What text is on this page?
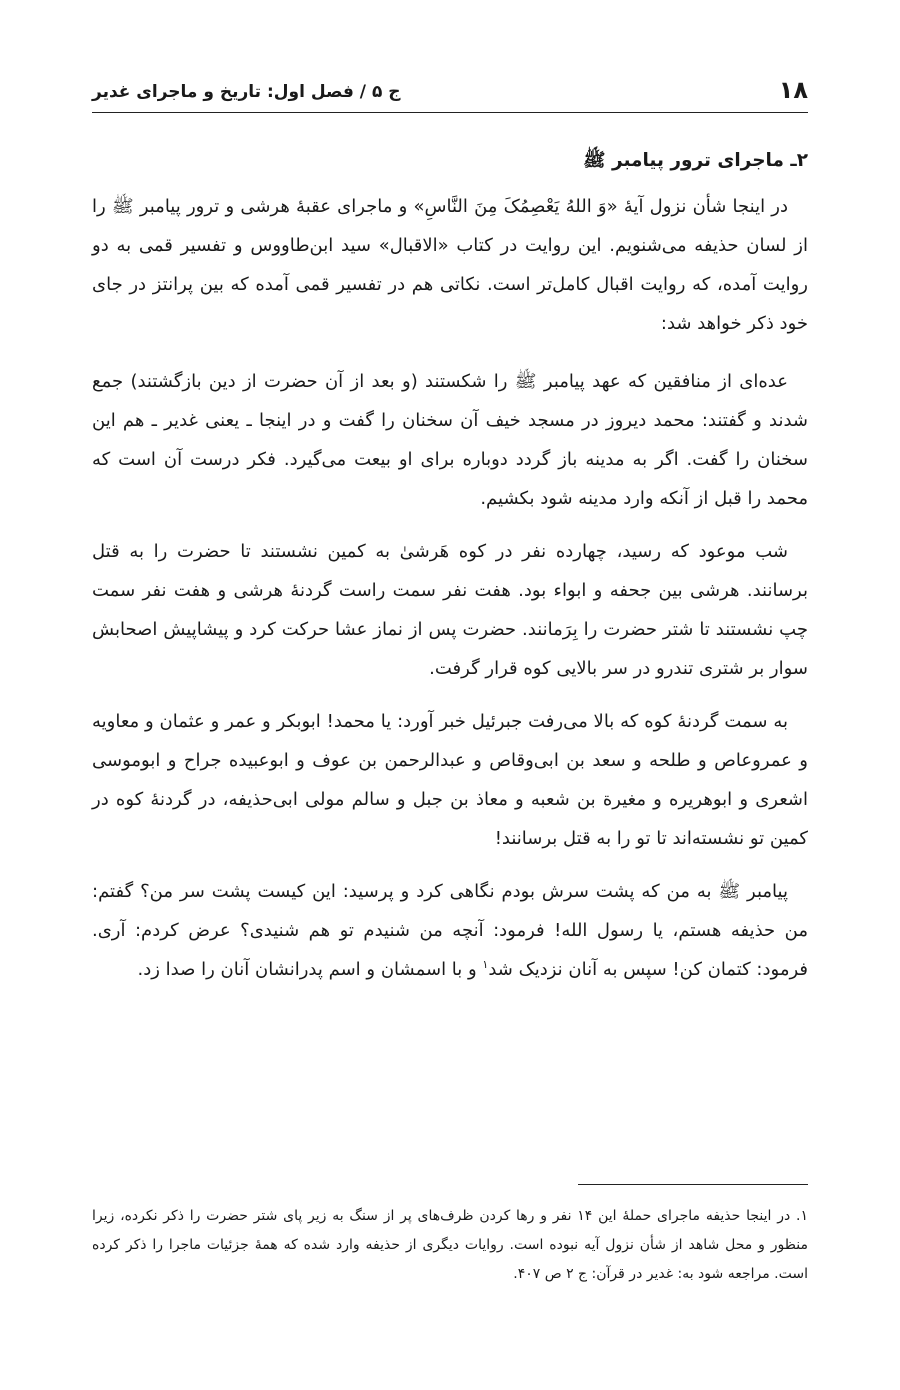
۱۸
ج ۵ / فصل اول: تاریخ و ماجرای غدیر
۲ـ ماجرای ترور پیامبر ﷺ

در اینجا شأن نزول آیهٔ «وَ اللهُ یَعْصِمُکَ مِنَ النَّاسِ» و ماجرای عقبهٔ هرشی و ترور پیامبر ﷺ را از لسان حذیفه می‌شنویم. این روایت در کتاب «الاقبال» سید ابن‌طاووس و تفسیر قمی به دو روایت آمده، که روایت اقبال کامل‌تر است. نکاتی هم در تفسیر قمی آمده که بین پرانتز در جای خود ذکر خواهد شد:

عده‌ای از منافقین که عهد پیامبر ﷺ را شکستند (و بعد از آن حضرت از دین بازگشتند) جمع شدند و گفتند: محمد دیروز در مسجد خیف آن سخنان را گفت و در اینجا ـ یعنی غدیر ـ هم این سخنان را گفت. اگر به مدینه باز گردد دوباره برای او بیعت می‌گیرد. فکر درست آن است که محمد را قبل از آنکه وارد مدینه شود بکشیم.

شب موعود که رسید، چهارده نفر در کوه هَرشیٰ به کمین نشستند تا حضرت را به قتل برسانند. هرشی بین جحفه و ابواء بود. هفت نفر سمت راست گردنهٔ هرشی و هفت نفر سمت چپ نشستند تا شتر حضرت را بِرَمانند. حضرت پس از نماز عشا حرکت کرد و پیشاپیش اصحابش سوار بر شتری تندرو در سر بالایی کوه قرار گرفت.

به سمت گردنهٔ کوه که بالا می‌رفت جبرئیل خبر آورد: یا محمد! ابوبکر و عمر و عثمان و معاویه و عمروعاص و طلحه و سعد بن ابی‌وقاص و عبدالرحمن بن عوف و ابوعبیده جراح و ابوموسی اشعری و ابوهریره و مغیرة بن شعبه و معاذ بن جبل و سالم مولی ابی‌حذیفه، در گردنهٔ کوه در کمین تو نشسته‌اند تا تو را به قتل برسانند!

پیامبر ﷺ به من که پشت سرش بودم نگاهی کرد و پرسید: این کیست پشت سر من؟ گفتم: من حذیفه هستم، یا رسول الله! فرمود: آنچه من شنیدم تو هم شنیدی؟ عرض کردم: آری. فرمود: کتمان کن! سپس به آنان نزدیک شد$^۱$ و با اسمشان و اسم پدرانشان آنان را صدا زد.

۱. در اینجا حذیفه ماجرای حملهٔ این ۱۴ نفر و رها کردن ظرف‌های پر از سنگ به زیر پای شتر حضرت را ذکر نکرده، زیرا منظور و محل شاهد از شأن نزول آیه نبوده است. روایات دیگری از حذیفه وارد شده که همهٔ جزئیات ماجرا را ذکر کرده است. مراجعه شود به: غدیر در قرآن: ج ۲ ص ۴۰۷.
